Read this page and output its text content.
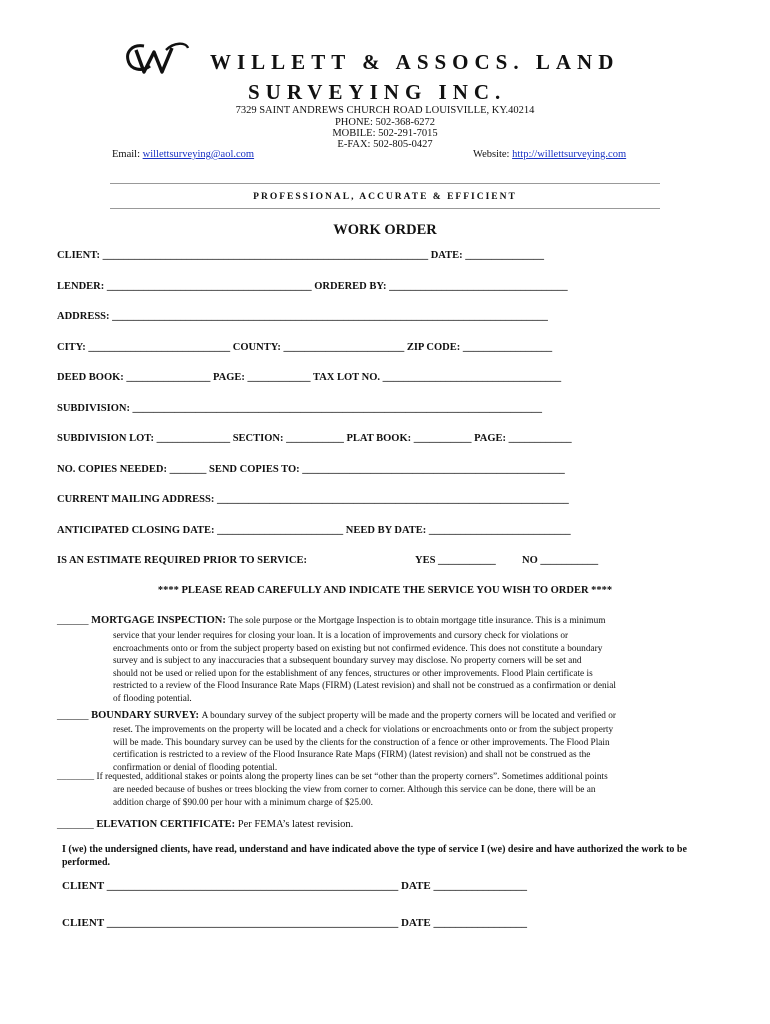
WILLETT & ASSOCS. LAND
SURVEYING INC.
7329 SAINT ANDREWS CHURCH ROAD LOUISVILLE, KY.40214
PHONE: 502-368-6272
MOBILE: 502-291-7015
E-FAX: 502-805-0427
Email: willettsurveying@aol.com	Website: http://willettsurveying.com
PROFESSIONAL, ACCURATE & EFFICIENT
WORK ORDER
CLIENT: ______________________________________________________________ DATE: _______________
LENDER: _______________________________________ ORDERED BY: __________________________________
ADDRESS: ___________________________________________________________________________________
CITY: ___________________________ COUNTY: _______________________ ZIP CODE: _________________
DEED BOOK: ________________ PAGE: ____________ TAX LOT NO. __________________________________
SUBDIVISION: ______________________________________________________________________________
SUBDIVISION LOT: ______________ SECTION: ___________ PLAT BOOK: ___________ PAGE: ____________
NO. COPIES NEEDED: _______ SEND COPIES TO: __________________________________________________
CURRENT MAILING ADDRESS: ___________________________________________________________________
ANTICIPATED CLOSING DATE: ________________________ NEED BY DATE: ___________________________
IS AN ESTIMATE REQUIRED PRIOR TO SERVICE:	YES ___________ NO ___________
**** PLEASE READ CAREFULLY AND INDICATE THE SERVICE YOU WISH TO ORDER ****
______ MORTGAGE INSPECTION: The sole purpose or the Mortgage Inspection is to obtain mortgage title insurance. This is a minimum
service that your lender requires for closing your loan. It is a location of improvements and cursory check for violations or
encroachments onto or from the subject property based on existing but not confirmed evidence. This does not constitute a boundary
survey and is subject to any inaccuracies that a subsequent boundary survey may disclose. No property corners will be set and
should not be used or relied upon for the establishment of any fences, structures or other improvements. Flood Plain certificate is
restricted to a review of the Flood Insurance Rate Maps (FIRM) (Latest revision) and shall not be construed as a confirmation or denial
of flooding potential.
______ BOUNDARY SURVEY: A boundary survey of the subject property will be made and the property corners will be located and verified or
reset. The improvements on the property will be located and a check for violations or encroachments onto or from the subject property
will be made. This boundary survey can be used by the clients for the construction of a fence or other improvements. The Flood Plain
certification is restricted to a review of the Flood Insurance Rate Maps (FIRM) (latest revision) and shall not be construed as the
confirmation or denial of flooding potential.
________ If requested, additional stakes or points along the property lines can be set “other than the property corners”. Sometimes additional points
are needed because of bushes or trees blocking the view from corner to corner. Although this service can be done, there will be an
addition charge of $90.00 per hour with a minimum charge of $25.00.
_______ ELEVATION CERTIFICATE: Per FEMA’s latest revision.
I (we) the undersigned clients, have read, understand and have indicated above the type of service I (we) desire and have authorized the work to be performed.
CLIENT _____________________________________________________ DATE _________________
CLIENT _____________________________________________________ DATE _________________
